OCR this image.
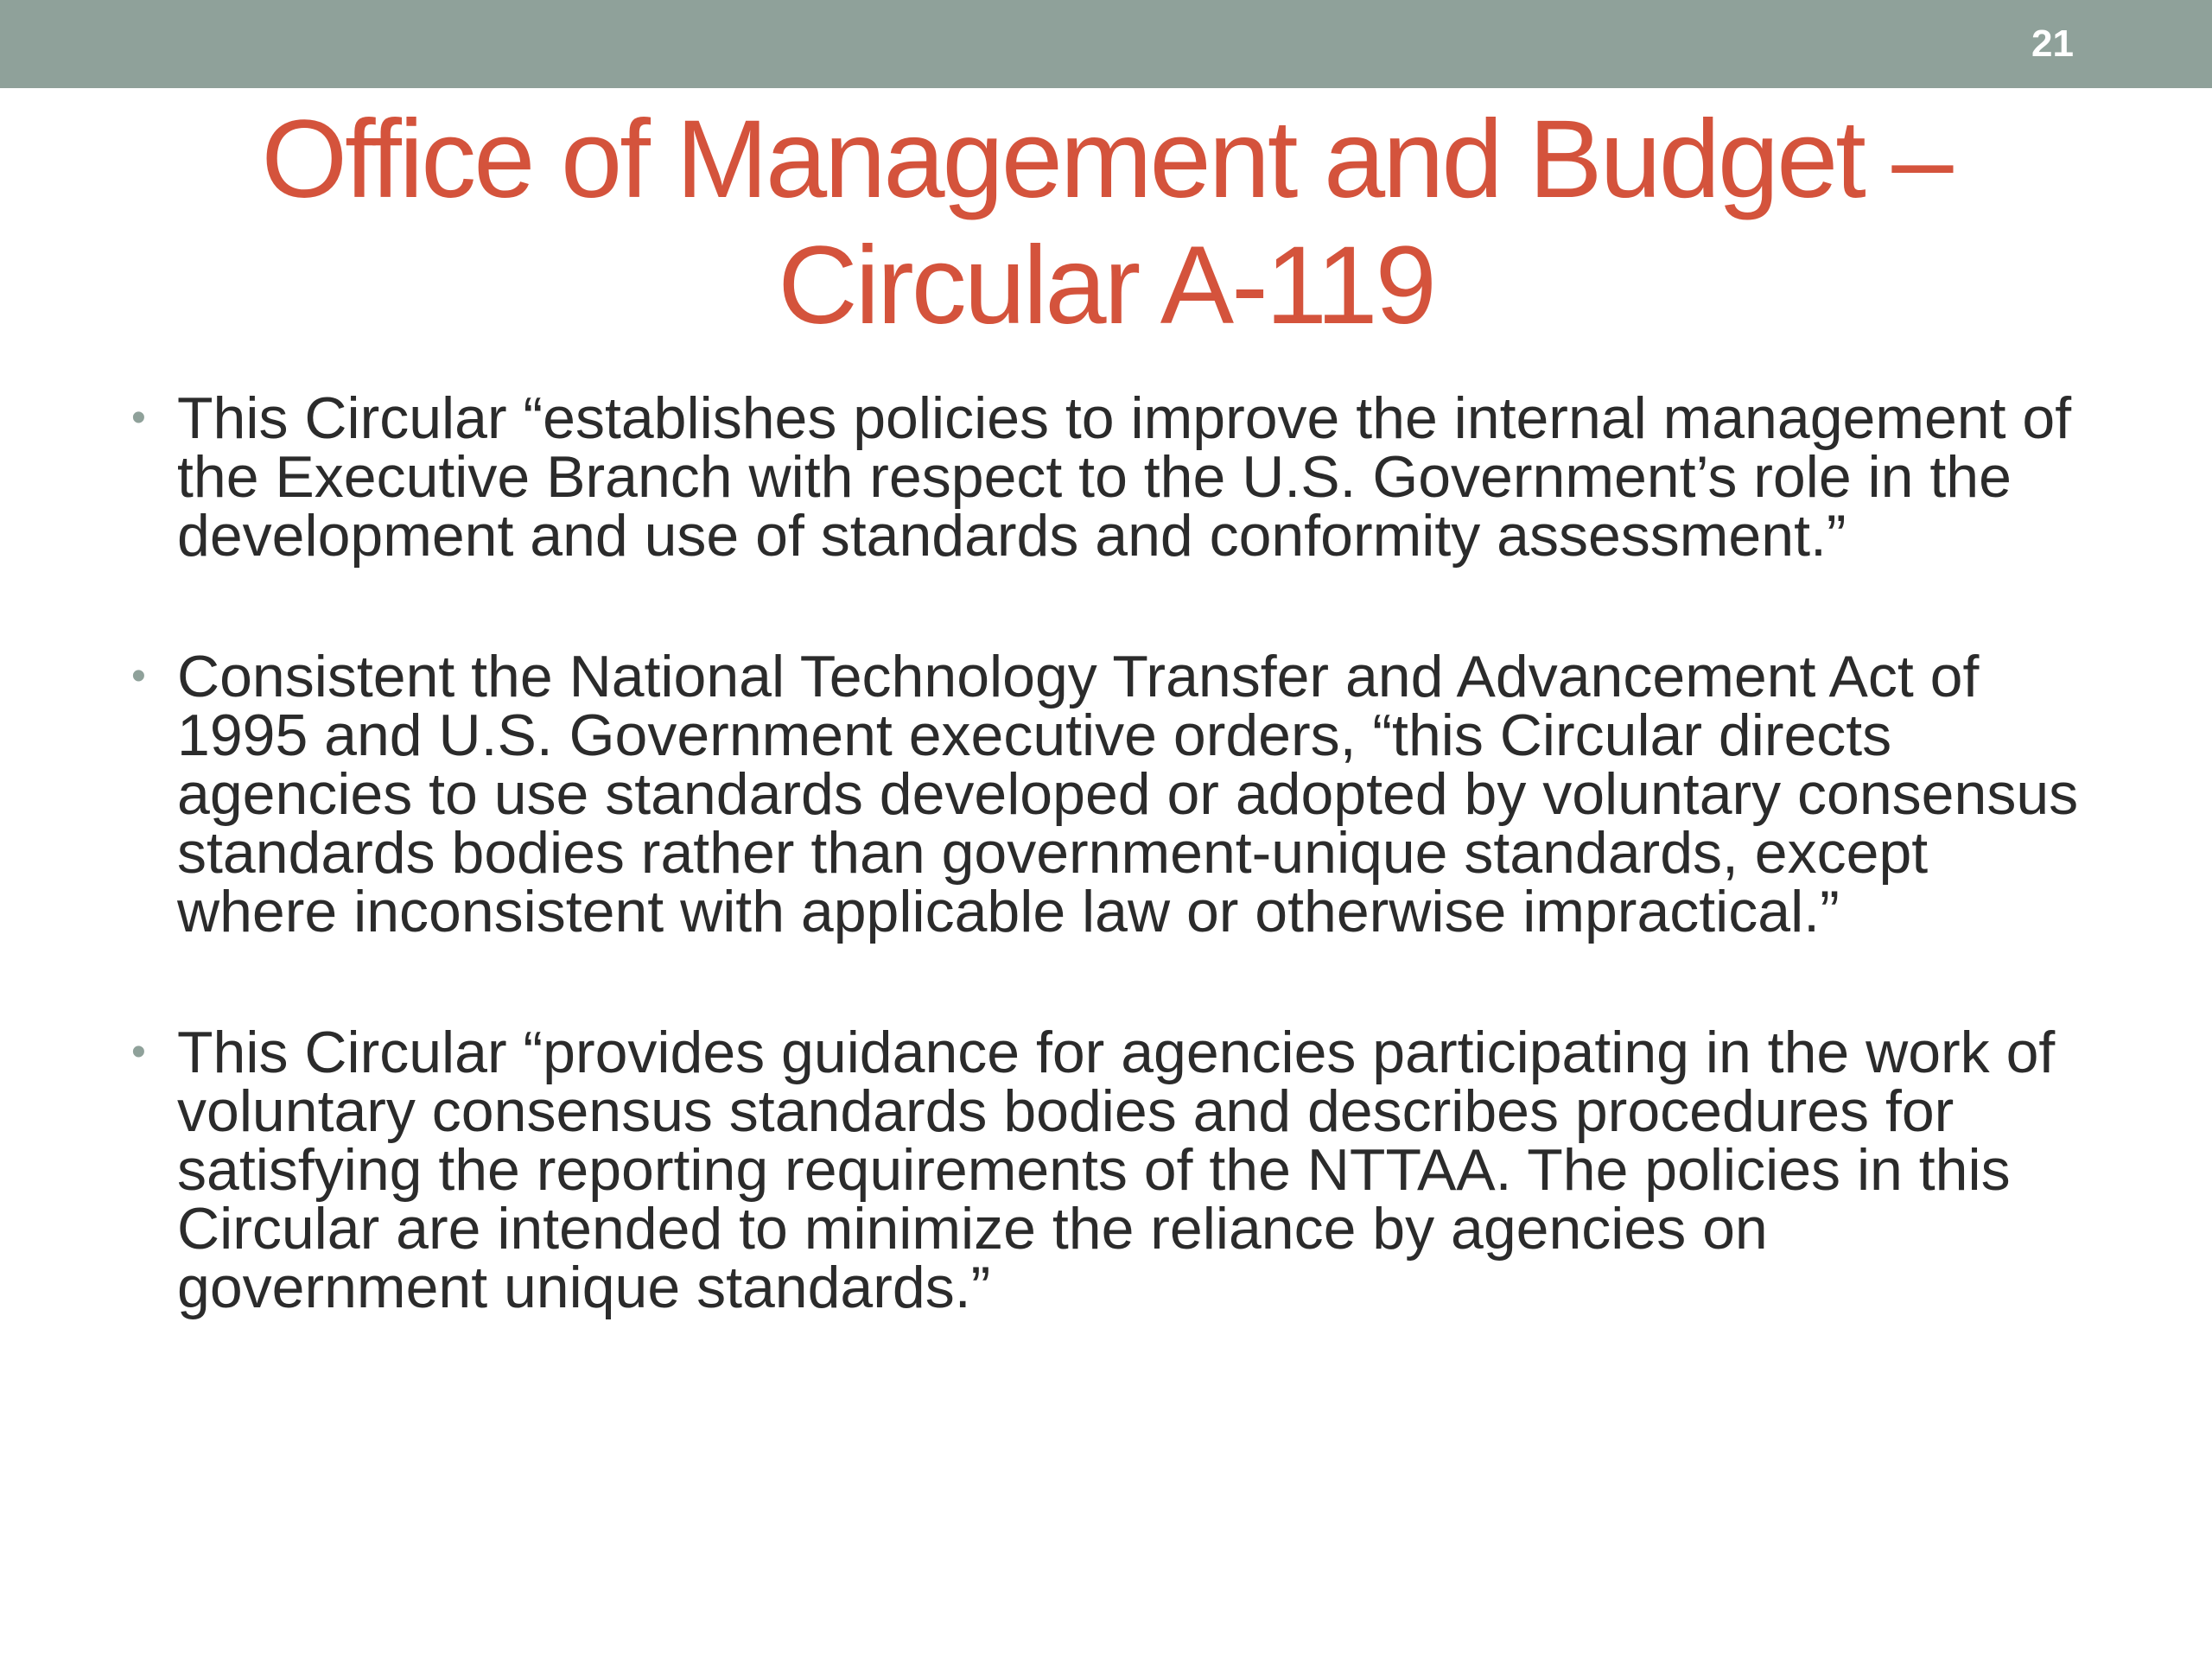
21
Office of Management and Budget – Circular A-119
• This Circular “establishes policies to improve the internal management of the Executive Branch with respect to the U.S. Government’s role in the development and use of standards and conformity assessment.”
• Consistent the National Technology Transfer and Advancement Act of 1995 and U.S. Government executive orders, “this Circular directs agencies to use standards developed or adopted by voluntary consensus standards bodies rather than government-unique standards, except where inconsistent with applicable law or otherwise impractical.”
• This Circular “provides guidance for agencies participating in the work of voluntary consensus standards bodies and describes procedures for satisfying the reporting requirements of the NTTAA. The policies in this Circular are intended to minimize the reliance by agencies on government unique standards.”
